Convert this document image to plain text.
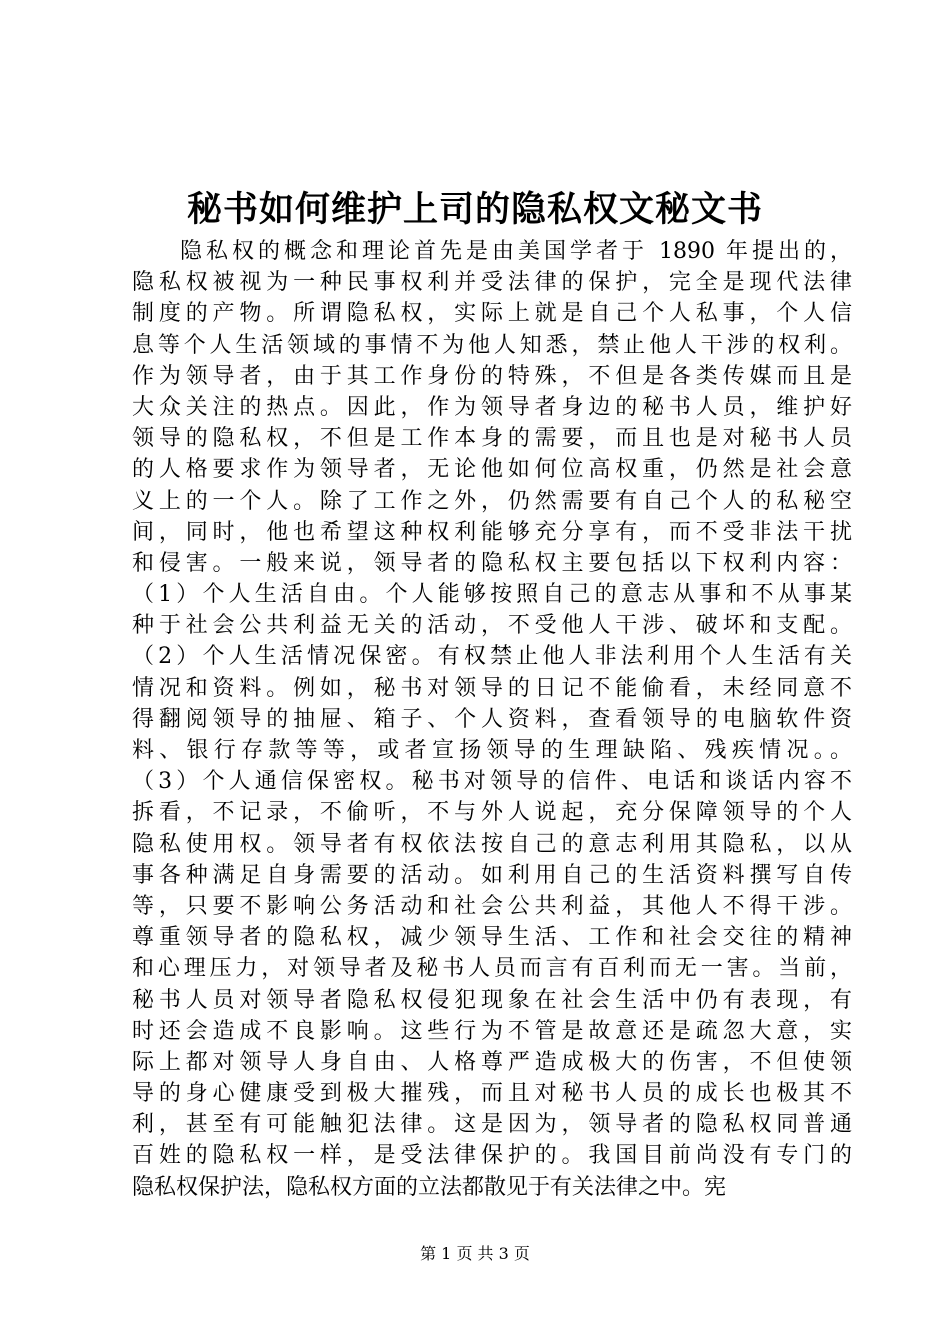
秘书如何维护上司的隐私权文秘文书
隐私权的概念和理论首先是由美国学者于 1890 年提出的，
隐私权被视为一种民事权利并受法律的保护，完全是现代法律
制度的产物。所谓隐私权，实际上就是自己个人私事，个人信
息等个人生活领域的事情不为他人知悉，禁止他人干涉的权利。
作为领导者，由于其工作身份的特殊，不但是各类传媒而且是
大众关注的热点。因此，作为领导者身边的秘书人员，维护好
领导的隐私权，不但是工作本身的需要，而且也是对秘书人员
的人格要求作为领导者，无论他如何位高权重，仍然是社会意
义上的一个人。除了工作之外，仍然需要有自己个人的私秘空
间，同时，他也希望这种权利能够充分享有，而不受非法干扰
和侵害。一般来说，领导者的隐私权主要包括以下权利内容：
（1）个人生活自由。个人能够按照自己的意志从事和不从事某
种于社会公共利益无关的活动，不受他人干涉、破坏和支配。
（2）个人生活情况保密。有权禁止他人非法利用个人生活有关
情况和资料。例如，秘书对领导的日记不能偷看，未经同意不
得翻阅领导的抽屉、箱子、个人资料，查看领导的电脑软件资
料、银行存款等等，或者宣扬领导的生理缺陷、残疾情况。。
（3）个人通信保密权。秘书对领导的信件、电话和谈话内容不
拆看，不记录，不偷听，不与外人说起，充分保障领导的个人
隐私使用权。领导者有权依法按自己的意志利用其隐私，以从
事各种满足自身需要的活动。如利用自己的生活资料撰写自传
等，只要不影响公务活动和社会公共利益，其他人不得干涉。
尊重领导者的隐私权，减少领导生活、工作和社会交往的精神
和心理压力，对领导者及秘书人员而言有百利而无一害。当前，
秘书人员对领导者隐私权侵犯现象在社会生活中仍有表现，有
时还会造成不良影响。这些行为不管是故意还是疏忽大意，实
际上都对领导人身自由、人格尊严造成极大的伤害，不但使领
导的身心健康受到极大摧残，而且对秘书人员的成长也极其不
利，甚至有可能触犯法律。这是因为，领导者的隐私权同普通
百姓的隐私权一样，是受法律保护的。我国目前尚没有专门的
隐私权保护法，隐私权方面的立法都散见于有关法律之中。宪
第 1 页 共 3 页
